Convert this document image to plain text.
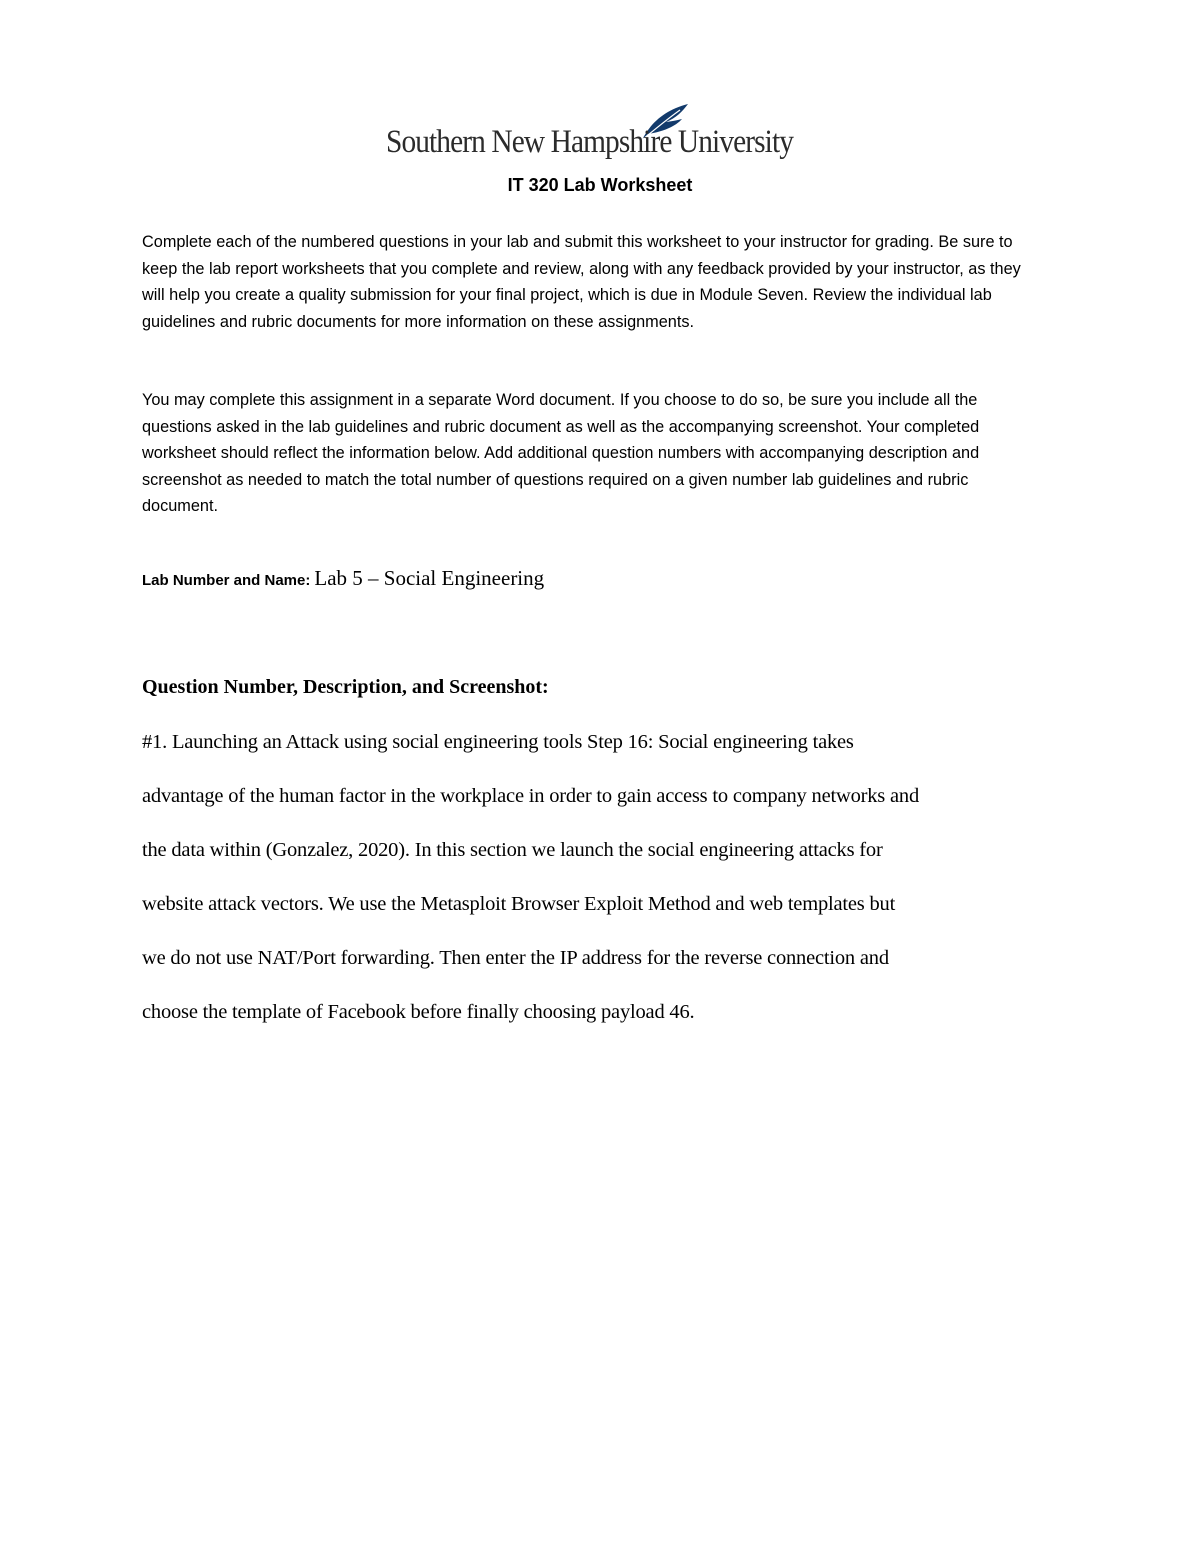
Southern New Hampshire University
IT 320 Lab Worksheet

Complete each of the numbered questions in your lab and submit this worksheet to your instructor for grading. Be sure to keep the lab report worksheets that you complete and review, along with any feedback provided by your instructor, as they will help you create a quality submission for your final project, which is due in Module Seven. Review the individual lab guidelines and rubric documents for more information on these assignments.

You may complete this assignment in a separate Word document. If you choose to do so, be sure you include all the questions asked in the lab guidelines and rubric document as well as the accompanying screenshot. Your completed worksheet should reflect the information below. Add additional question numbers with accompanying description and screenshot as needed to match the total number of questions required on a given number lab guidelines and rubric document.

Lab Number and Name: Lab 5 – Social Engineering
Question Number, Description, and Screenshot:
#1. Launching an Attack using social engineering tools Step 16: Social engineering takes
advantage of the human factor in the workplace in order to gain access to company networks and
the data within (Gonzalez, 2020). In this section we launch the social engineering attacks for
website attack vectors. We use the Metasploit Browser Exploit Method and web templates but
we do not use NAT/Port forwarding. Then enter the IP address for the reverse connection and
choose the template of Facebook before finally choosing payload 46.
